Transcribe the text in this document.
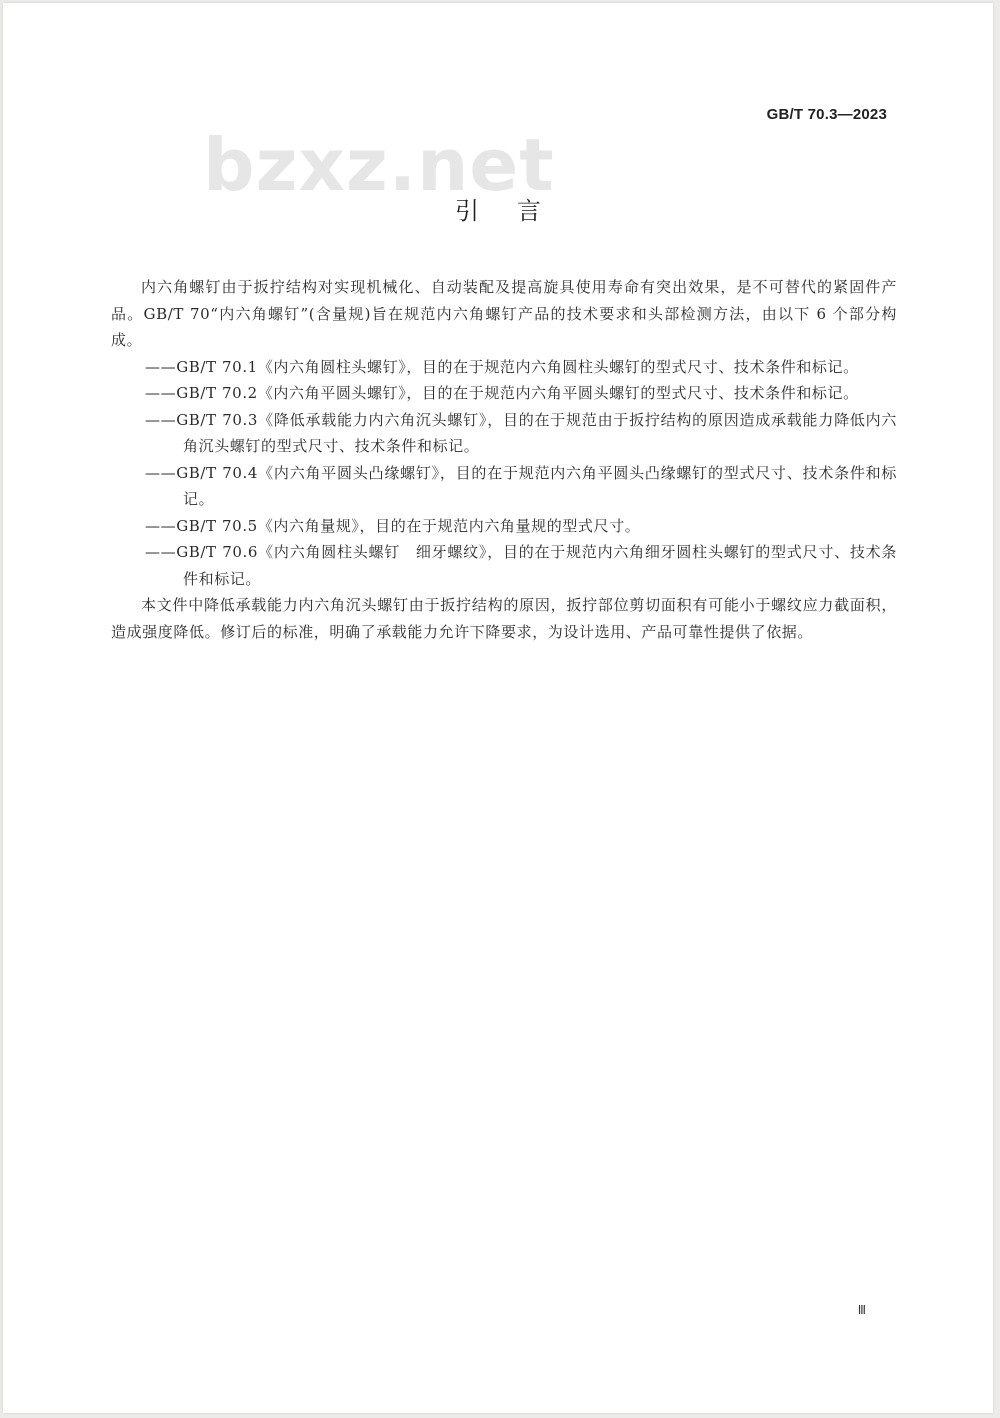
GB/T 70.3—2023
bzxz.net
引言

内六角螺钉由于扳拧结构对实现机械化、自动装配及提高旋具使用寿命有突出效果，是不可替代的紧固件产品。GB/T 70“内六角螺钉”(含量规)旨在规范内六角螺钉产品的技术要求和头部检测方法，由以下 6 个部分构成。

——GB/T 70.1《内六角圆柱头螺钉》，目的在于规范内六角圆柱头螺钉的型式尺寸、技术条件和标记。

——GB/T 70.2《内六角平圆头螺钉》，目的在于规范内六角平圆头螺钉的型式尺寸、技术条件和标记。

——GB/T 70.3《降低承载能力内六角沉头螺钉》，目的在于规范由于扳拧结构的原因造成承载能力降低内六角沉头螺钉的型式尺寸、技术条件和标记。

——GB/T 70.4《内六角平圆头凸缘螺钉》，目的在于规范内六角平圆头凸缘螺钉的型式尺寸、技术条件和标记。

——GB/T 70.5《内六角量规》，目的在于规范内六角量规的型式尺寸。

——GB/T 70.6《内六角圆柱头螺钉　细牙螺纹》，目的在于规范内六角细牙圆柱头螺钉的型式尺寸、技术条件和标记。

本文件中降低承载能力内六角沉头螺钉由于扳拧结构的原因，扳拧部位剪切面积有可能小于螺纹应力截面积，造成强度降低。修订后的标准，明确了承载能力允许下降要求，为设计选用、产品可靠性提供了依据。

Ⅲ
